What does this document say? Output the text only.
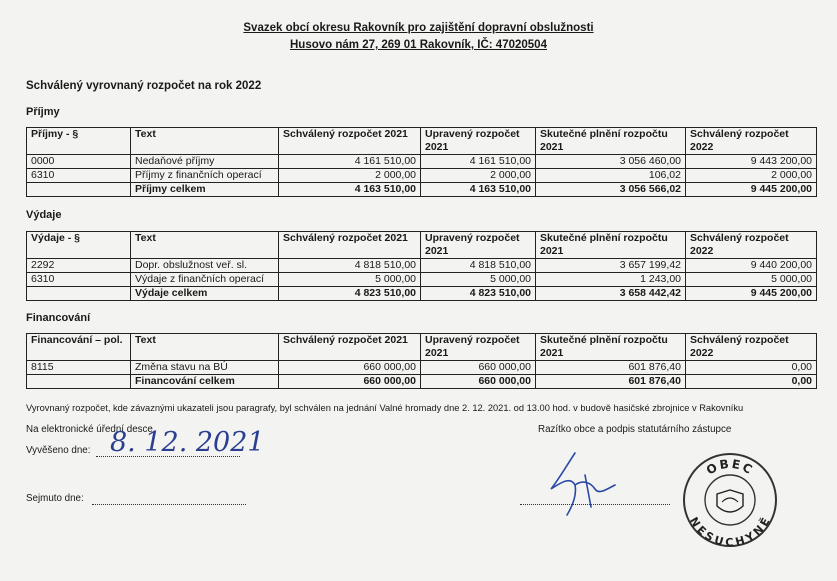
Svazek obcí okresu Rakovník pro zajištění dopravní obslužnosti
Husovo nám 27, 269 01 Rakovník, IČ: 47020504
Schválený vyrovnaný rozpočet na rok 2022
Příjmy
Příjmy - §	Text	Schválený rozpočet 2021	Upravený rozpočet 2021	Skutečné plnění rozpočtu 2021	Schválený rozpočet 2022
0000	Nedaňové příjmy	4 161 510,00	4 161 510,00	3 056 460,00	9 443 200,00
6310	Příjmy z finančních operací	2 000,00	2 000,00	106,02	2 000,00
	Příjmy celkem	4 163 510,00	4 163 510,00	3 056 566,02	9 445 200,00
Výdaje
Výdaje - §	Text	Schválený rozpočet 2021	Upravený rozpočet 2021	Skutečné plnění rozpočtu 2021	Schválený rozpočet 2022
2292	Dopr. obslužnost veř. sl.	4 818 510,00	4 818 510,00	3 657 199,42	9 440 200,00
6310	Výdaje z finančních operací	5 000,00	5 000,00	1 243,00	5 000,00
	Výdaje celkem	4 823 510,00	4 823 510,00	3 658 442,42	9 445 200,00
Financování
Financování – pol.	Text	Schválený rozpočet 2021	Upravený rozpočet 2021	Skutečné plnění rozpočtu 2021	Schválený rozpočet 2022
8115	Změna stavu na BÚ	660 000,00	660 000,00	601 876,40	0,00
	Financování celkem	660 000,00	660 000,00	601 876,40	0,00
Vyrovnaný rozpočet, kde závaznými ukazateli jsou paragrafy, byl schválen na jednání Valné hromady dne 2. 12. 2021. od 13.00 hod. v budově hasičské zbrojnice v Rakovníku
Na elektronické úřední desce
Vyvěšeno dne: 8. 12. 2021
Sejmuto dne:
Razítko obce a podpis statutárního zástupce
OBEC
NESUCHYNĚ
